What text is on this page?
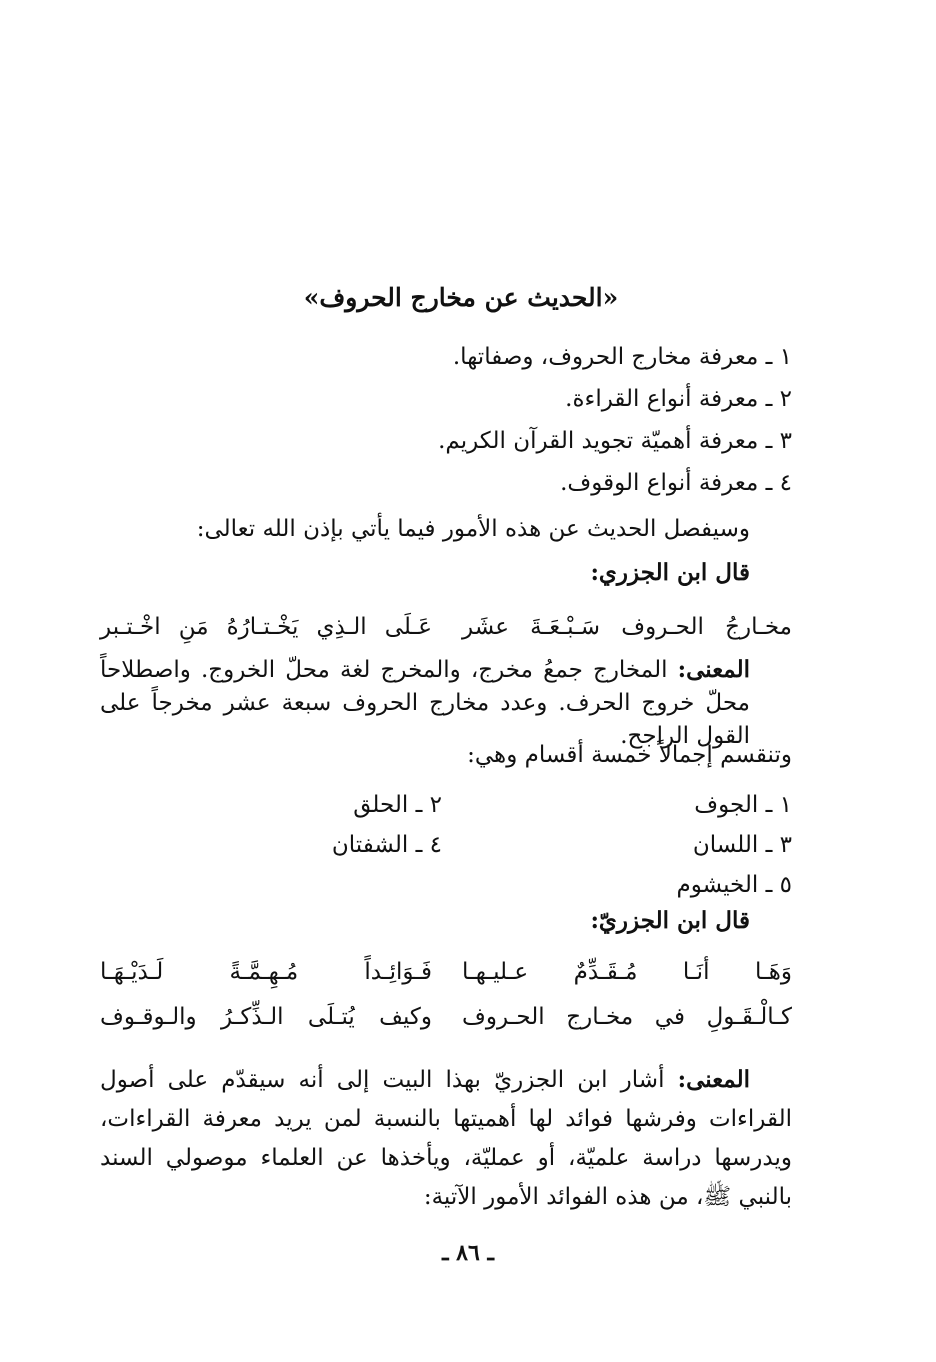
«الحديث عن مخارج الحروف»
١ ـ معرفة مخارج الحروف، وصفاتها.
٢ ـ معرفة أنواع القراءة.
٣ ـ معرفة أهميّة تجويد القرآن الكريم.
٤ ـ معرفة أنواع الوقوف.
وسيفصل الحديث عن هذه الأمور فيما يأتي بإذن الله تعالى:
قال ابن الجزري:
مخـارجُ الحـروف سَـبْـعَـةَ عشَر
عَـلَى الـذِي يَخْـتـارُهُ مَنِ اخْـتـبر
المعنى: المخارج جمعُ مخرج، والمخرج لغة محلّ الخروج. واصطلاحاً محلّ خروج الحرف. وعدد مخارج الحروف سبعة عشر مخرجاً على القول الراجح.
وتنقسم إجمالاً خمسة أقسام وهي:
١ ـ الجوف
٢ ـ الحلق
٣ ـ اللسان
٤ ـ الشفتان
٥ ـ الخيشوم
قال ابن الجزريّ:
وَهَـا أنَـا مُـقَـدِّمٌ عـليـهـا
فَـوَائِـداً مُـهِـمَّـةً لَـدَيْـهَـا
كـالْـقَـولِ في مخـارج الحـروف
وكيف يُتـلَى الـذِّكـرُ والـوقـوف
المعنى: أشار ابن الجزريّ بهذا البيت إلى أنه سيقدّم على أصول القراءات وفرشها فوائد لها أهميتها بالنسبة لمن يريد معرفة القراءات، ويدرسها دراسة علميّة، أو عمليّة، ويأخذها عن العلماء موصولي السند بالنبي ﷺ، من هذه الفوائد الأمور الآتية:
ـ ٨٦ ـ
